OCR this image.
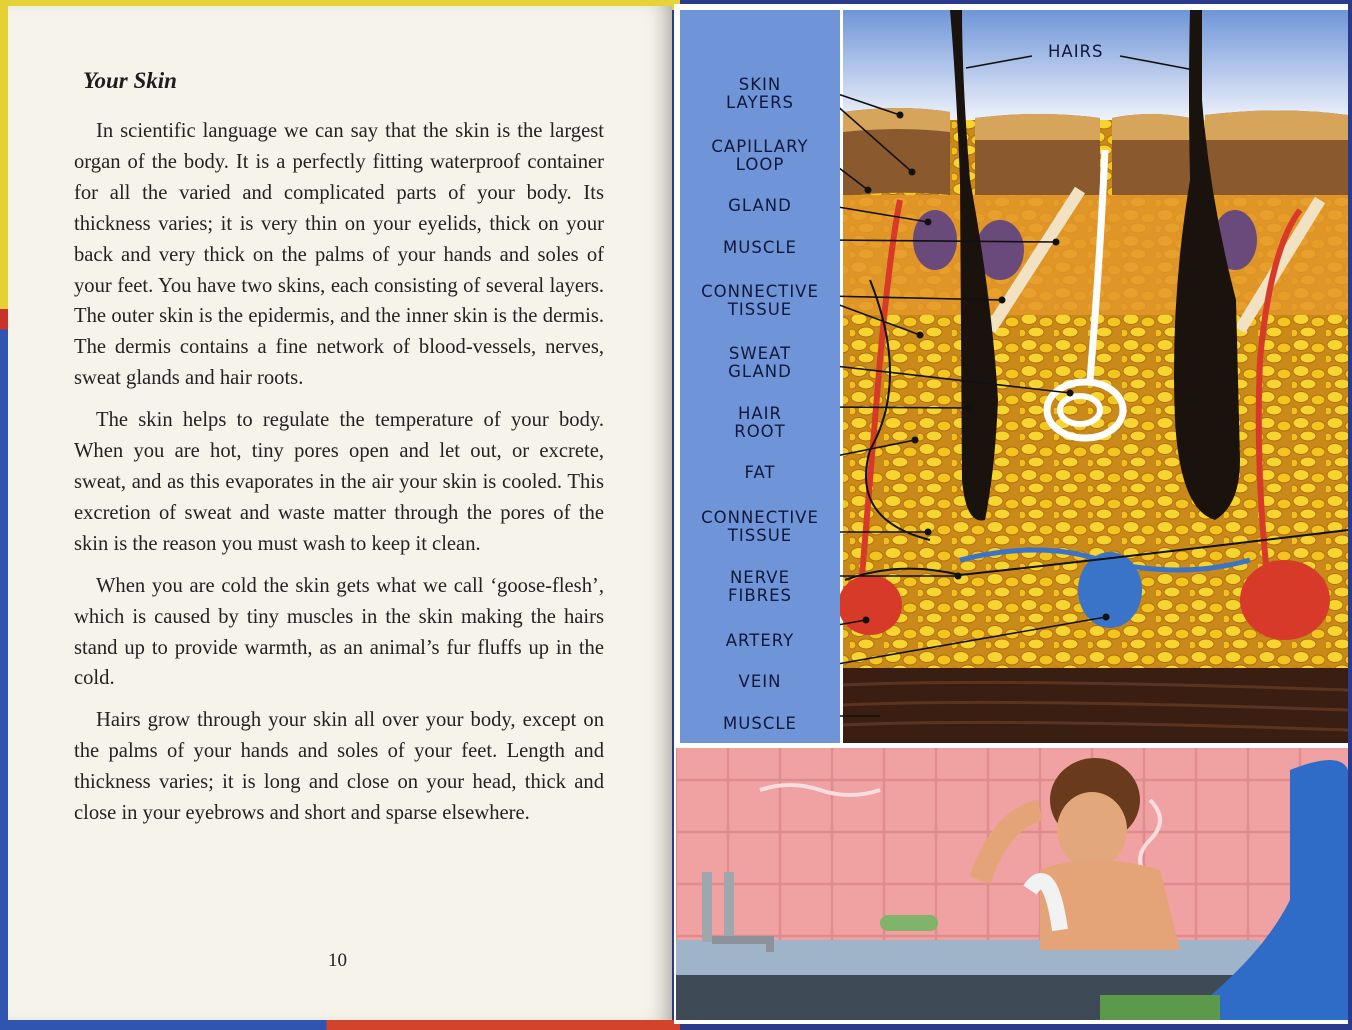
Your Skin

In scientific language we can say that the skin is the largest organ of the body. It is a perfectly fitting waterproof container for all the varied and complicated parts of your body. Its thickness varies; it is very thin on your eyelids, thick on your back and very thick on the palms of your hands and soles of your feet. You have two skins, each consisting of several layers. The outer skin is the epidermis, and the inner skin is the dermis. The dermis contains a fine network of blood-vessels, nerves, sweat glands and hair roots.

The skin helps to regulate the temperature of your body. When you are hot, tiny pores open and let out, or excrete, sweat, and as this evaporates in the air your skin is cooled. This excretion of sweat and waste matter through the pores of the skin is the reason you must wash to keep it clean.

When you are cold the skin gets what we call ‘goose-flesh’, which is caused by tiny muscles in the skin making the hairs stand up to provide warmth, as an animal’s fur fluffs up in the cold.

Hairs grow through your skin all over your body, except on the palms of your hands and soles of your feet. Length and thickness varies; it is long and close on your head, thick and close in your eyebrows and short and sparse elsewhere.

10
SKIN
LAYERS
CAPILLARY
LOOP
GLAND
MUSCLE
CONNECTIVE
TISSUE
SWEAT
GLAND
HAIR
ROOT
FAT
CONNECTIVE
TISSUE
NERVE
FIBRES
ARTERY
VEIN
MUSCLE
HAIRS
